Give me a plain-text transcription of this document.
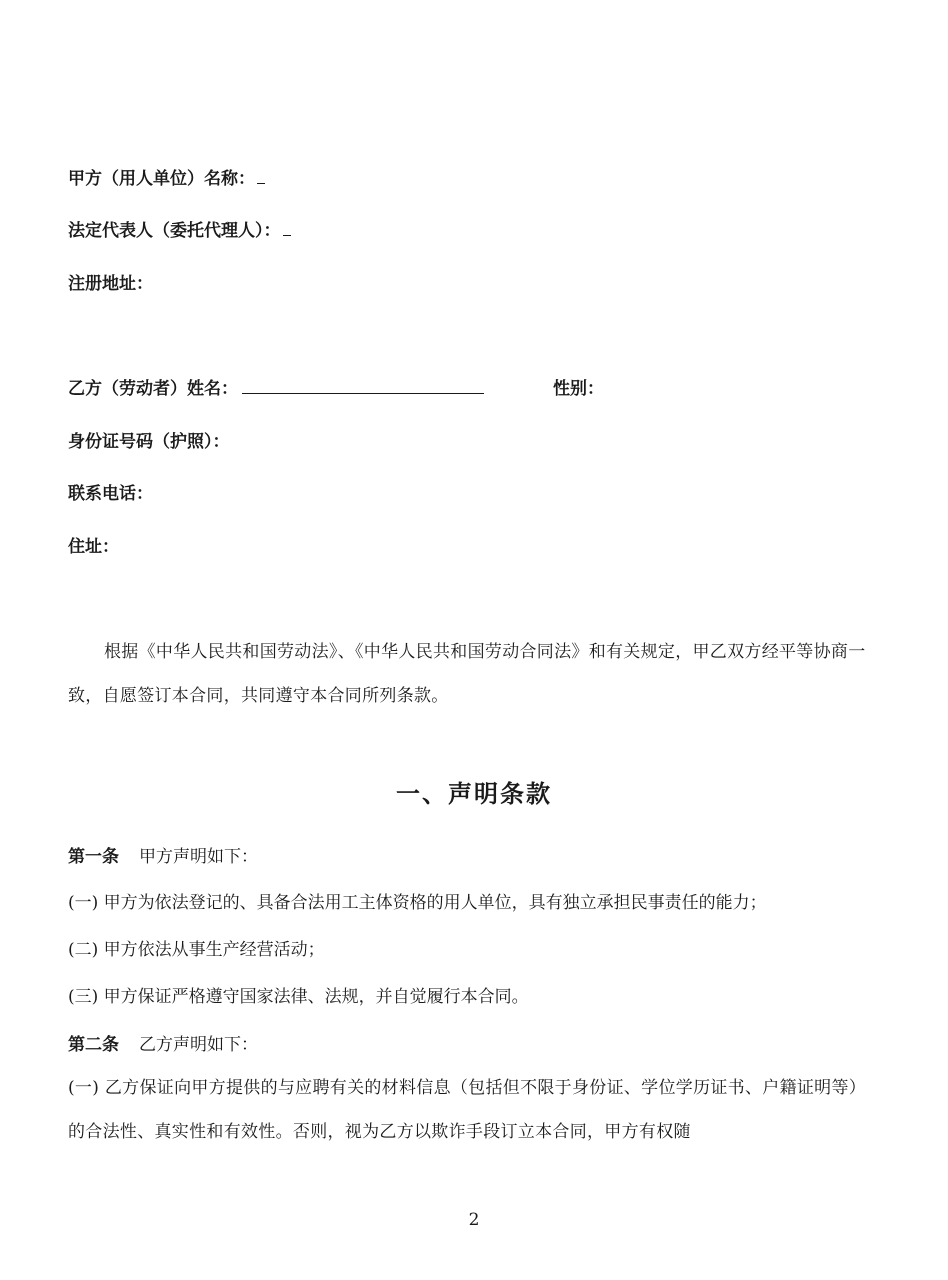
甲方（用人单位）名称：
法定代表人（委托代理人）：
注册地址：
乙方（劳动者）姓名：	性别：
身份证号码（护照）：
联系电话：
住址：
根据《中华人民共和国劳动法》、《中华人民共和国劳动合同法》和有关规定，甲乙双方经平等协商一致，自愿签订本合同，共同遵守本合同所列条款。
一、声明条款
第一条 甲方声明如下：
(一) 甲方为依法登记的、具备合法用工主体资格的用人单位，具有独立承担民事责任的能力；
(二) 甲方依法从事生产经营活动；
(三) 甲方保证严格遵守国家法律、法规，并自觉履行本合同。
第二条 乙方声明如下：
(一) 乙方保证向甲方提供的与应聘有关的材料信息（包括但不限于身份证、学位学历证书、户籍证明等）的合法性、真实性和有效性。否则，视为乙方以欺诈手段订立本合同，甲方有权随
2
